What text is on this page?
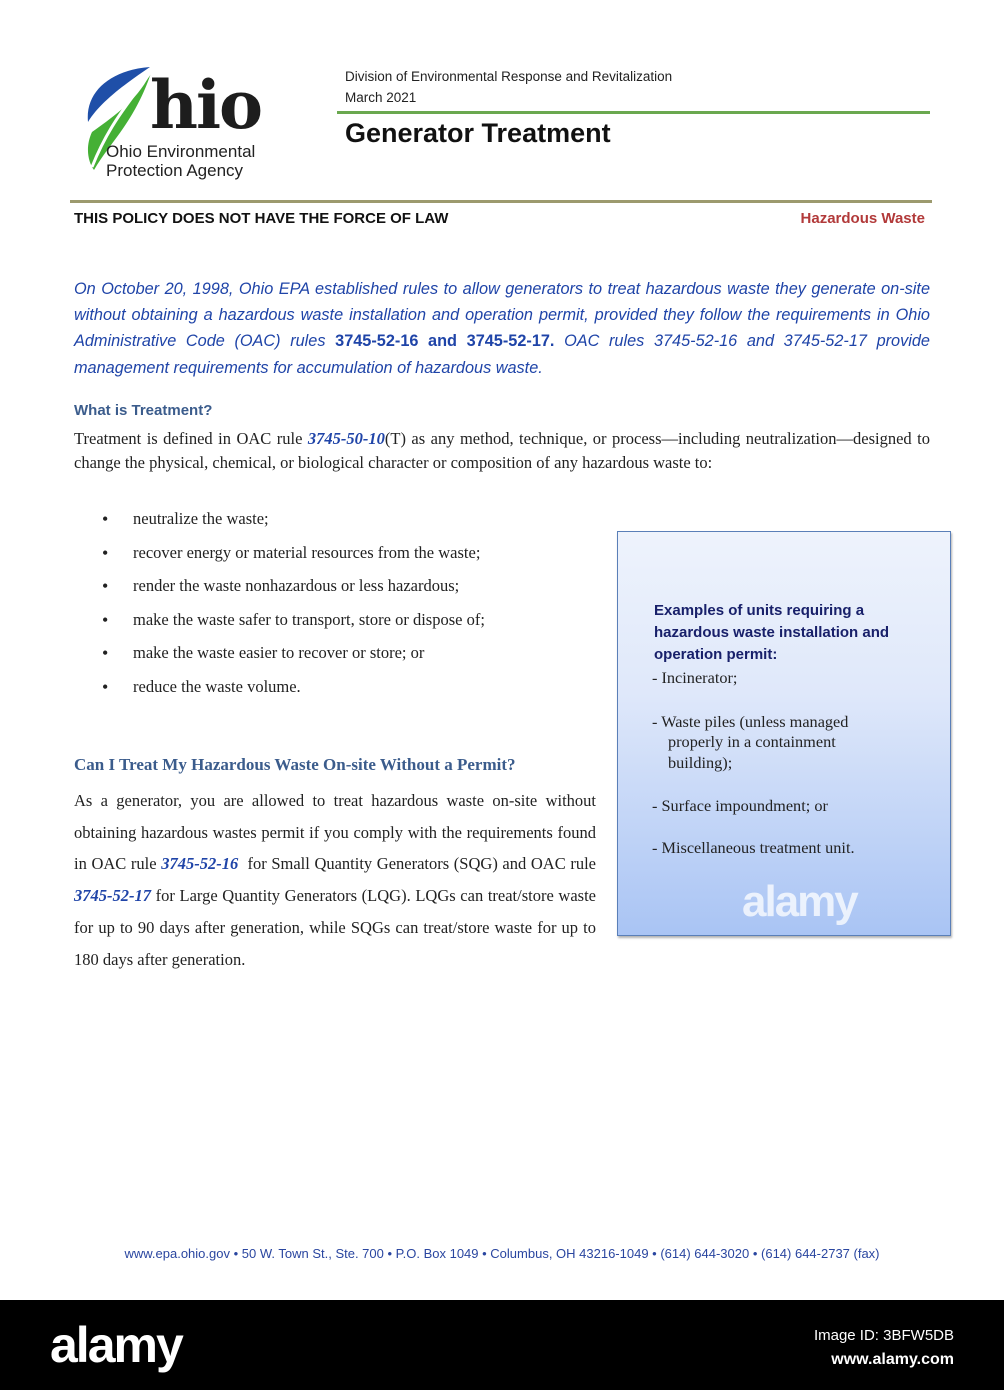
hio
Ohio Environmental
Protection Agency
Division of Environmental Response and Revitalization
March 2021
Generator Treatment
THIS POLICY DOES NOT HAVE THE FORCE OF LAW	Hazardous Waste
On October 20, 1998, Ohio EPA established rules to allow generators to treat hazardous waste they generate on-site without obtaining a hazardous waste installation and operation permit, provided they follow the requirements in Ohio Administrative Code (OAC) rules 3745-52-16 and 3745-52-17. OAC rules 3745-52-16 and 3745-52-17 provide management requirements for accumulation of hazardous waste.
What is Treatment?
Treatment is defined in OAC rule 3745-50-10(T) as any method, technique, or process—including neutralization—designed to change the physical, chemical, or biological character or composition of any hazardous waste to:
• neutralize the waste;
• recover energy or material resources from the waste;
• render the waste nonhazardous or less hazardous;
• make the waste safer to transport, store or dispose of;
• make the waste easier to recover or store; or
• reduce the waste volume.
Can I Treat My Hazardous Waste On-site Without a Permit?
As a generator, you are allowed to treat hazardous waste on-site without obtaining hazardous wastes permit if you comply with the requirements found in OAC rule 3745-52-16  for Small Quantity Generators (SQG) and OAC rule 3745-52-17 for Large Quantity Generators (LQG). LQGs can treat/store waste for up to 90 days after generation, while SQGs can treat/store waste for up to 180 days after generation.
Examples of units requiring a hazardous waste installation and operation permit:
- Incinerator;
- Waste piles (unless managed
properly in a containment
building);
- Surface impoundment; or
- Miscellaneous treatment unit.
alamy
www.epa.ohio.gov • 50 W. Town St., Ste. 700 • P.O. Box 1049 • Columbus, OH 43216-1049 • (614) 644-3020 • (614) 644-2737 (fax)
alamy	Image ID: 3BFW5DB
www.alamy.com
